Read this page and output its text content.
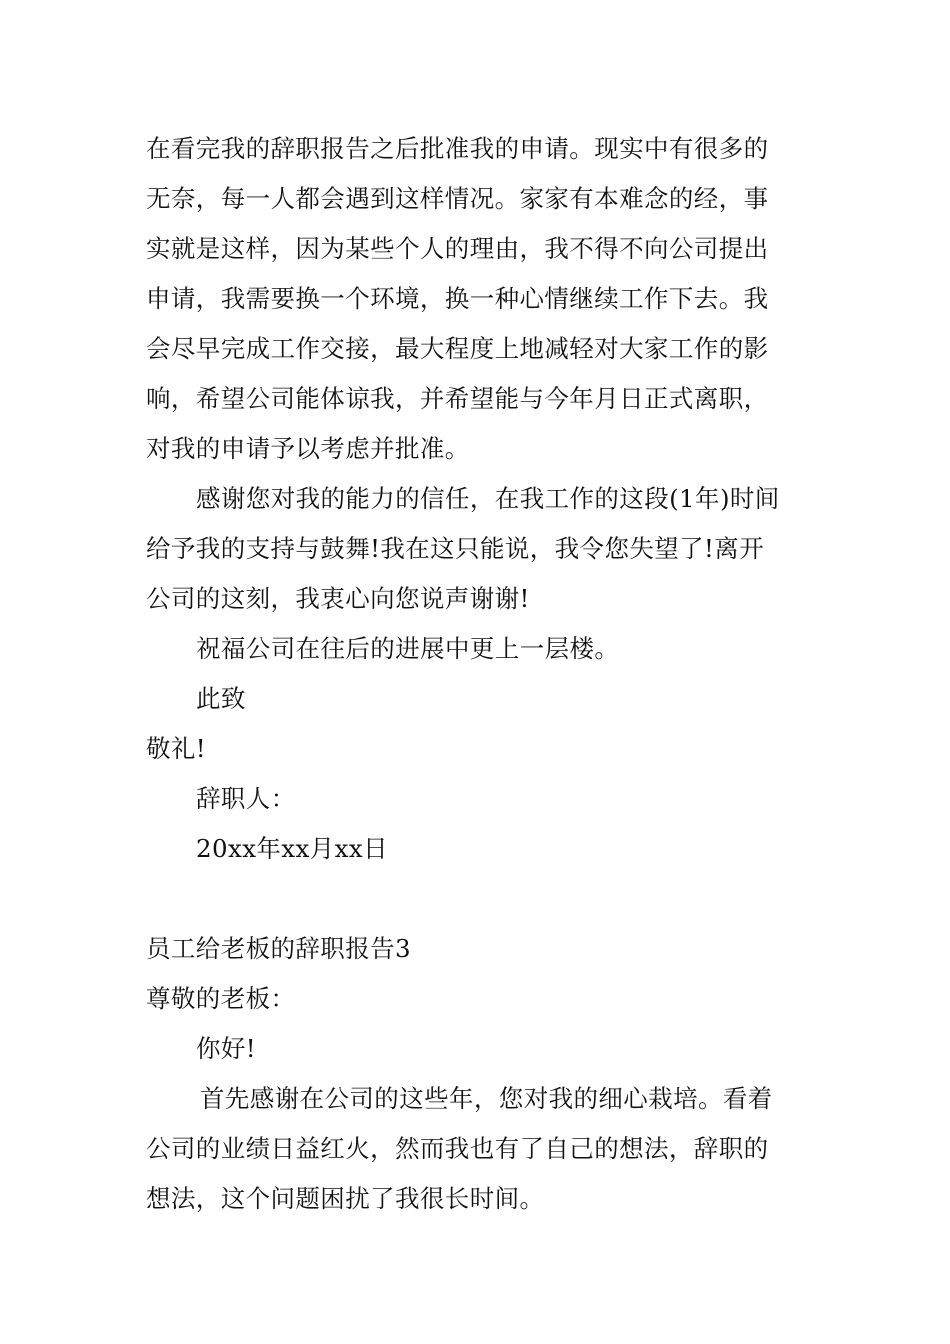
在看完我的辞职报告之后批准我的申请。现实中有很多的
无奈，每一人都会遇到这样情况。家家有本难念的经，事
实就是这样，因为某些个人的理由，我不得不向公司提出
申请，我需要换一个环境，换一种心情继续工作下去。我
会尽早完成工作交接，最大程度上地减轻对大家工作的影
响，希望公司能体谅我，并希望能与今年月日正式离职，
对我的申请予以考虑并批准。
感谢您对我的能力的信任，在我工作的这段(1年)时间
给予我的支持与鼓舞!我在这只能说，我令您失望了!离开
公司的这刻，我衷心向您说声谢谢!
祝福公司在往后的进展中更上一层楼。
此致
敬礼!
辞职人：
20xx年xx月xx日
员工给老板的辞职报告3
尊敬的老板：
你好!
首先感谢在公司的这些年，您对我的细心栽培。看着
公司的业绩日益红火，然而我也有了自己的想法，辞职的
想法，这个问题困扰了我很长时间。
